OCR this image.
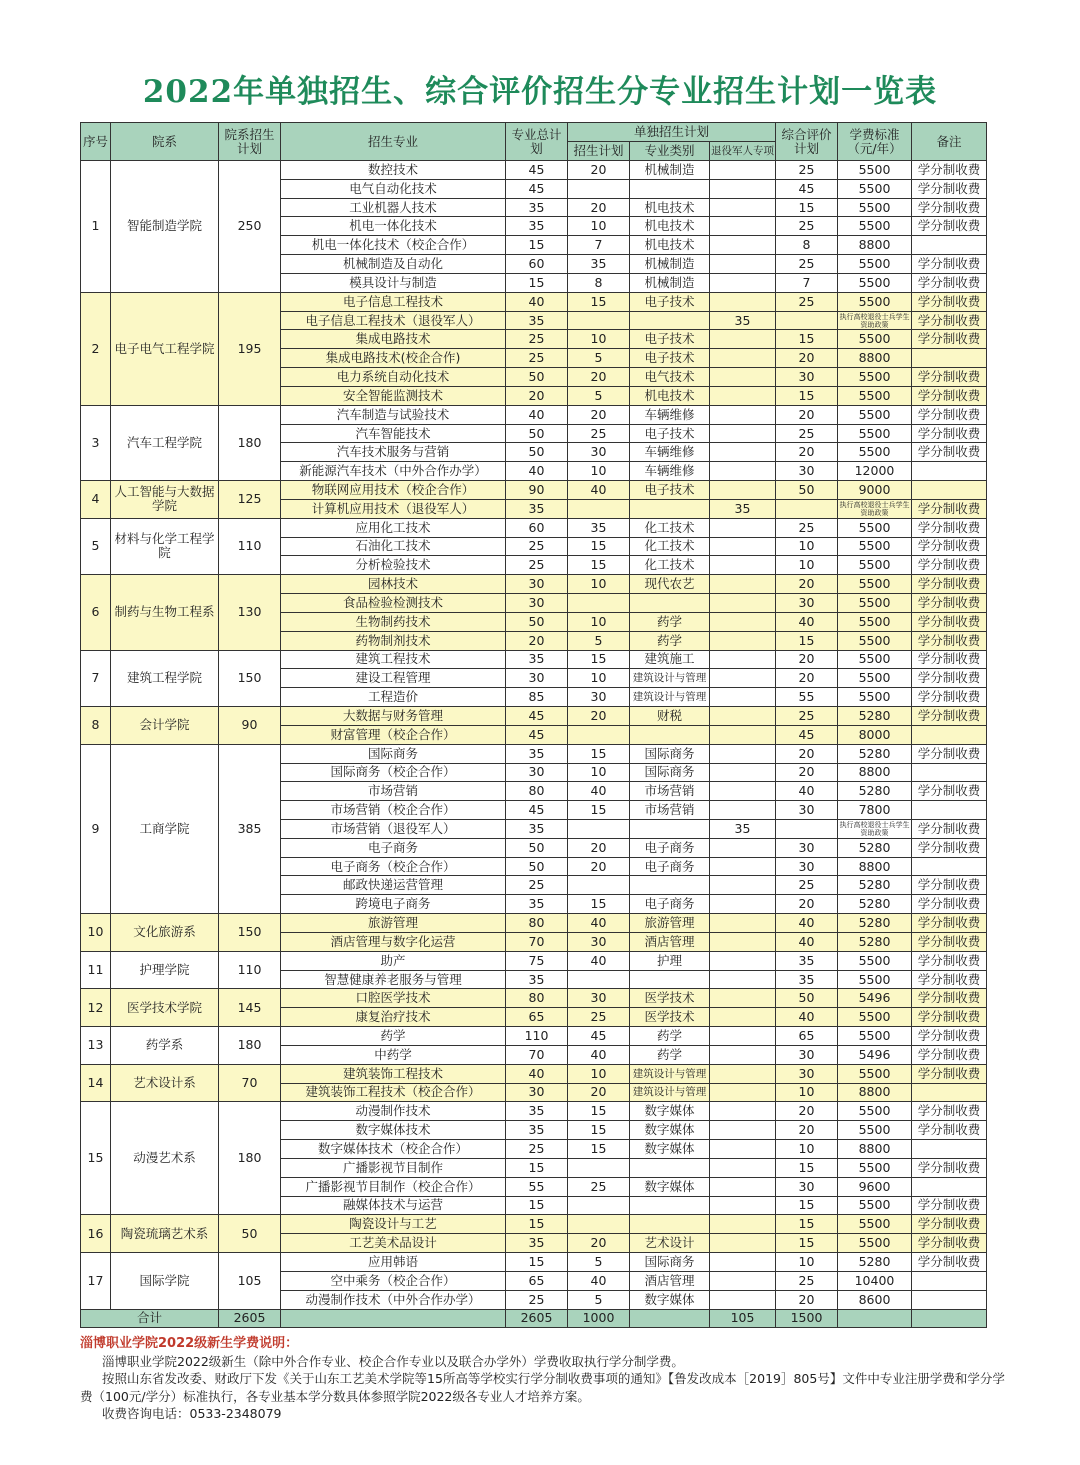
2022年单独招生、综合评价招生分专业招生计划一览表
序号	院系	院系招生计划	招生专业	专业总计划	单独招生计划			综合评价计划	学费标准（元/年）	备注
					招生计划	专业类别	退役军人专项			
1	智能制造学院	250	数控技术	45	20	机械制造		25	5500	学分制收费
			电气自动化技术	45				45	5500	学分制收费
			工业机器人技术	35	20	机电技术		15	5500	学分制收费
			机电一体化技术	35	10	机电技术		25	5500	学分制收费
			机电一体化技术（校企合作）	15	7	机电技术		8	8800	
			机械制造及自动化	60	35	机械制造		25	5500	学分制收费
			模具设计与制造	15	8	机械制造		7	5500	学分制收费
2	电子电气工程学院	195	电子信息工程技术	40	15	电子技术		25	5500	学分制收费
			电子信息工程技术（退役军人）	35			35		执行高校退役士兵学生资助政策	学分制收费
			集成电路技术	25	10	电子技术		15	5500	学分制收费
			集成电路技术(校企合作)	25	5	电子技术		20	8800	
			电力系统自动化技术	50	20	电气技术		30	5500	学分制收费
			安全智能监测技术	20	5	机电技术		15	5500	学分制收费
3	汽车工程学院	180	汽车制造与试验技术	40	20	车辆维修		20	5500	学分制收费
			汽车智能技术	50	25	电子技术		25	5500	学分制收费
			汽车技术服务与营销	50	30	车辆维修		20	5500	学分制收费
			新能源汽车技术（中外合作办学）	40	10	车辆维修		30	12000	
4	人工智能与大数据学院	125	物联网应用技术（校企合作）	90	40	电子技术		50	9000	
			计算机应用技术（退役军人）	35			35		执行高校退役士兵学生资助政策	学分制收费
5	材料与化学工程学院	110	应用化工技术	60	35	化工技术		25	5500	学分制收费
			石油化工技术	25	15	化工技术		10	5500	学分制收费
			分析检验技术	25	15	化工技术		10	5500	学分制收费
6	制药与生物工程系	130	园林技术	30	10	现代农艺		20	5500	学分制收费
			食品检验检测技术	30				30	5500	学分制收费
			生物制药技术	50	10	药学		40	5500	学分制收费
			药物制剂技术	20	5	药学		15	5500	学分制收费
7	建筑工程学院	150	建筑工程技术	35	15	建筑施工		20	5500	学分制收费
			建设工程管理	30	10	建筑设计与管理		20	5500	学分制收费
			工程造价	85	30	建筑设计与管理		55	5500	学分制收费
8	会计学院	90	大数据与财务管理	45	20	财税		25	5280	学分制收费
			财富管理（校企合作）	45				45	8000	
9	工商学院	385	国际商务	35	15	国际商务		20	5280	学分制收费
			国际商务（校企合作）	30	10	国际商务		20	8800	
			市场营销	80	40	市场营销		40	5280	学分制收费
			市场营销（校企合作）	45	15	市场营销		30	7800	
			市场营销（退役军人）	35			35		执行高校退役士兵学生资助政策	学分制收费
			电子商务	50	20	电子商务		30	5280	学分制收费
			电子商务（校企合作）	50	20	电子商务		30	8800	
			邮政快递运营管理	25				25	5280	学分制收费
			跨境电子商务	35	15	电子商务		20	5280	学分制收费
10	文化旅游系	150	旅游管理	80	40	旅游管理		40	5280	学分制收费
			酒店管理与数字化运营	70	30	酒店管理		40	5280	学分制收费
11	护理学院	110	助产	75	40	护理		35	5500	学分制收费
			智慧健康养老服务与管理	35				35	5500	学分制收费
12	医学技术学院	145	口腔医学技术	80	30	医学技术		50	5496	学分制收费
			康复治疗技术	65	25	医学技术		40	5500	学分制收费
13	药学系	180	药学	110	45	药学		65	5500	学分制收费
			中药学	70	40	药学		30	5496	学分制收费
14	艺术设计系	70	建筑装饰工程技术	40	10	建筑设计与管理		30	5500	学分制收费
			建筑装饰工程技术（校企合作）	30	20	建筑设计与管理		10	8800	
15	动漫艺术系	180	动漫制作技术	35	15	数字媒体		20	5500	学分制收费
			数字媒体技术	35	15	数字媒体		20	5500	学分制收费
			数字媒体技术（校企合作）	25	15	数字媒体		10	8800	
			广播影视节目制作	15				15	5500	学分制收费
			广播影视节目制作（校企合作）	55	25	数字媒体		30	9600	
			融媒体技术与运营	15				15	5500	学分制收费
16	陶瓷琉璃艺术系	50	陶瓷设计与工艺	15				15	5500	学分制收费
			工艺美术品设计	35	20	艺术设计		15	5500	学分制收费
17	国际学院	105	应用韩语	15	5	国际商务		10	5280	学分制收费
			空中乘务（校企合作）	65	40	酒店管理		25	10400	
			动漫制作技术（中外合作办学）	25	5	数字媒体		20	8600	
合计		2605		2605	1000		105	1500		
淄博职业学院2022级新生学费说明：

淄博职业学院2022级新生（除中外合作专业、校企合作专业以及联合办学外）学费收取执行学分制学费。

按照山东省发改委、财政厅下发《关于山东工艺美术学院等15所高等学校实行学分制收费事项的通知》【鲁发改成本［2019］805号】文件中专业注册学费和学分学费（100元/学分）标准执行，各专业基本学分数具体参照学院2022级各专业人才培养方案。

收费咨询电话：0533-2348079
